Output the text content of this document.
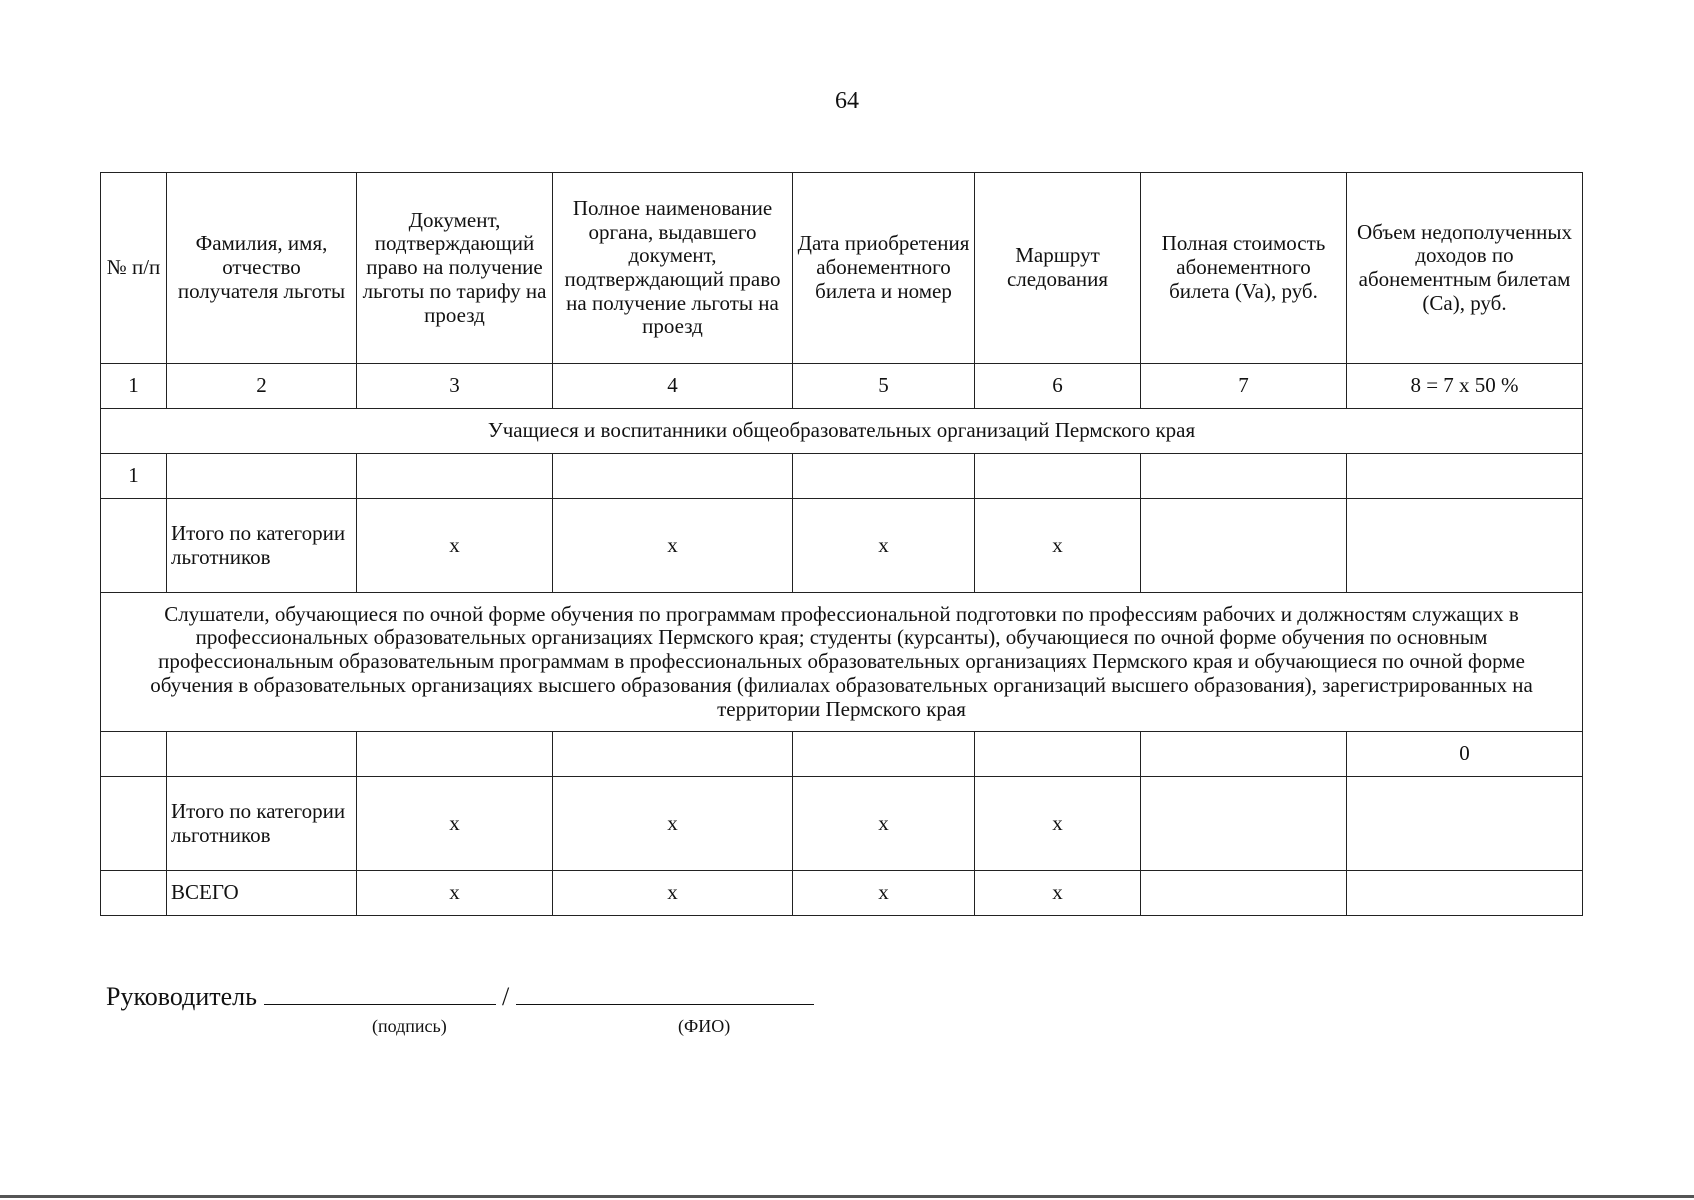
64
№ п/п	Фамилия, имя, отчество получателя льготы	Документ, подтверждающий право на получение льготы по тарифу на проезд	Полное наименование органа, выдавшего документ, подтверждающий право на получение льготы на проезд	Дата приобретения абонементного билета и номер	Маршрут следования	Полная стоимость абонементного билета (Va), руб.	Объем недополученных доходов по абонементным билетам (Ca), руб.
1	2	3	4	5	6	7	8 = 7 х 50 %
Учащиеся и воспитанники общеобразовательных организаций Пермского края							
1							
	Итого по категории льготников	х	х	х	х		
Слушатели, обучающиеся по очной форме обучения по программам профессиональной подготовки по профессиям рабочих и должностям служащих в профессиональных образовательных организациях Пермского края; студенты (курсанты), обучающиеся по очной форме обучения по основным профессиональным образовательным программам в профессиональных образовательных организациях Пермского края и обучающиеся по очной форме обучения в образовательных организациях высшего образования (филиалах образовательных организаций высшего образования), зарегистрированных на территории Пермского края							
							0
	Итого по категории льготников	х	х	х	х		
	ВСЕГО	х	х	х	х		
Руководитель	/
(подпись)	(ФИО)
